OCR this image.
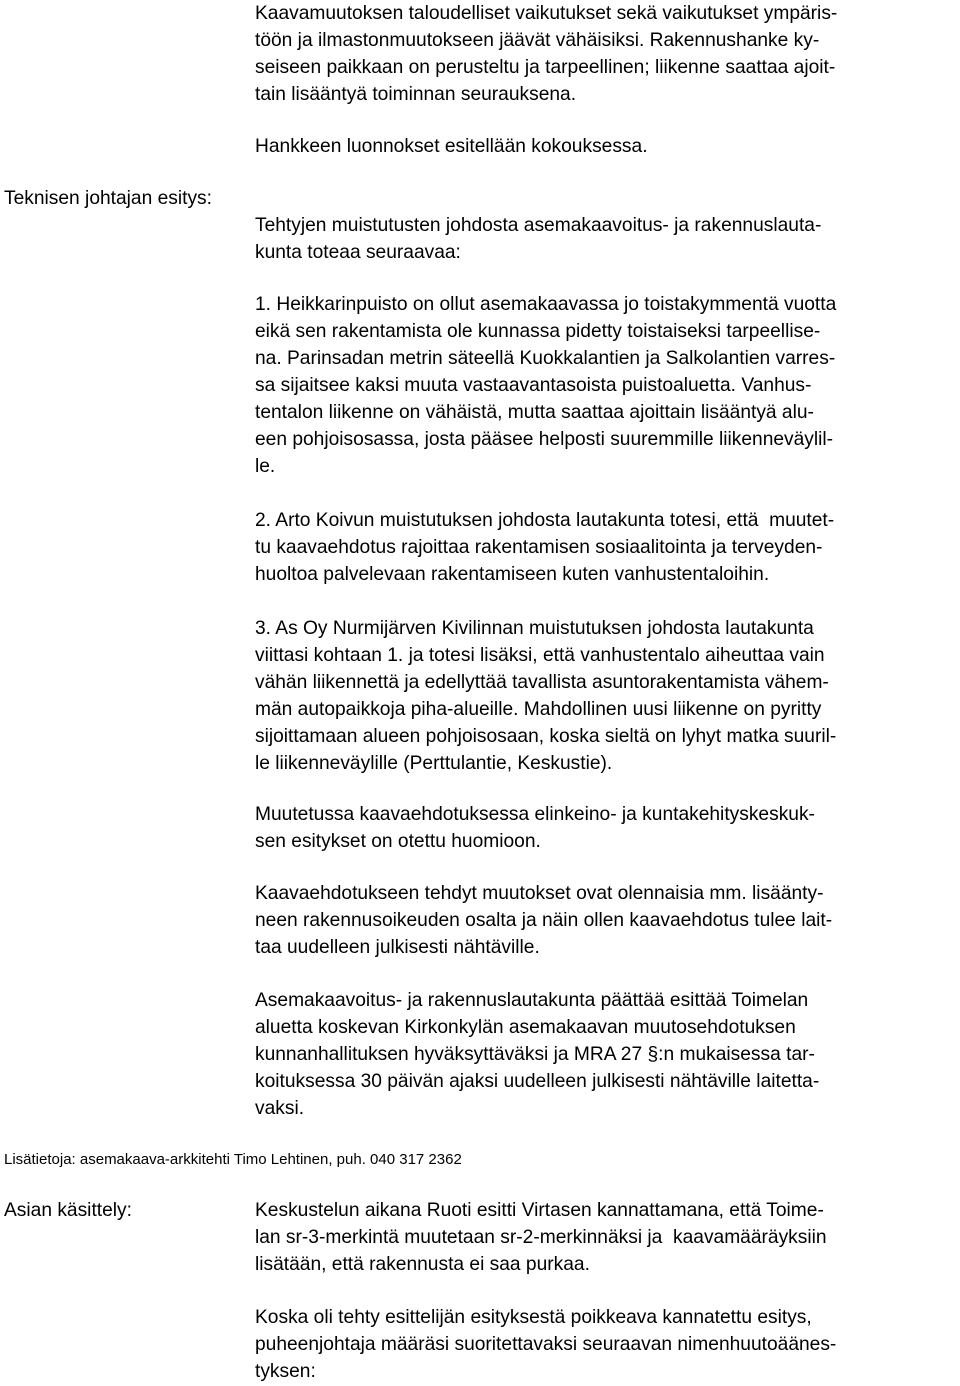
Kaavamuutoksen taloudelliset vaikutukset sekä vaikutukset ympäris-
töön ja ilmastonmuutokseen jäävät vähäisiksi. Rakennushanke ky-
seiseen paikkaan on perusteltu ja tarpeellinen; liikenne saattaa ajoit-
tain lisääntyä toiminnan seurauksena.
Hankkeen luonnokset esitellään kokouksessa.
Teknisen johtajan esitys:
Tehtyjen muistutusten johdosta asemakaavoitus- ja rakennuslauta-
kunta toteaa seuraavaa:
1. Heikkarinpuisto on ollut asemakaavassa jo toistakymmentä vuotta
eikä sen rakentamista ole kunnassa pidetty toistaiseksi tarpeellise-
na. Parinsadan metrin säteellä Kuokkalantien ja Salkolantien varres-
sa sijaitsee kaksi muuta vastaavantasoista puistoaluetta. Vanhus-
tentalon liikenne on vähäistä, mutta saattaa ajoittain lisääntyä alu-
een pohjoisosassa, josta pääsee helposti suuremmille liikenneväylil-
le.
2. Arto Koivun muistutuksen johdosta lautakunta totesi, että  muutet-
tu kaavaehdotus rajoittaa rakentamisen sosiaalitointa ja terveyden-
huoltoa palvelevaan rakentamiseen kuten vanhustentaloihin.
3. As Oy Nurmijärven Kivilinnan muistutuksen johdosta lautakunta
viittasi kohtaan 1. ja totesi lisäksi, että vanhustentalo aiheuttaa vain
vähän liikennettä ja edellyttää tavallista asuntorakentamista vähem-
män autopaikkoja piha-alueille. Mahdollinen uusi liikenne on pyritty
sijoittamaan alueen pohjoisosaan, koska sieltä on lyhyt matka suuril-
le liikenneväylille (Perttulantie, Keskustie).
Muutetussa kaavaehdotuksessa elinkeino- ja kuntakehityskeskuk-
sen esitykset on otettu huomioon.
Kaavaehdotukseen tehdyt muutokset ovat olennaisia mm. lisäänty-
neen rakennusoikeuden osalta ja näin ollen kaavaehdotus tulee lait-
taa uudelleen julkisesti nähtäville.
Asemakaavoitus- ja rakennuslautakunta päättää esittää Toimelan
aluetta koskevan Kirkonkylän asemakaavan muutosehdotuksen
kunnanhallituksen hyväksyttäväksi ja MRA 27 §:n mukaisessa tar-
koituksessa 30 päivän ajaksi uudelleen julkisesti nähtäville laitetta-
vaksi.
Lisätietoja: asemakaava-arkkitehti Timo Lehtinen, puh. 040 317 2362
Asian käsittely:	Keskustelun aikana Ruoti esitti Virtasen kannattamana, että Toime-
lan sr-3-merkintä muutetaan sr-2-merkinnäksi ja  kaavamääräyksiin
lisätään, että rakennusta ei saa purkaa.
Koska oli tehty esittelijän esityksestä poikkeava kannatettu esitys,
puheenjohtaja määräsi suoritettavaksi seuraavan nimenhuutoäänes-
tyksen:
